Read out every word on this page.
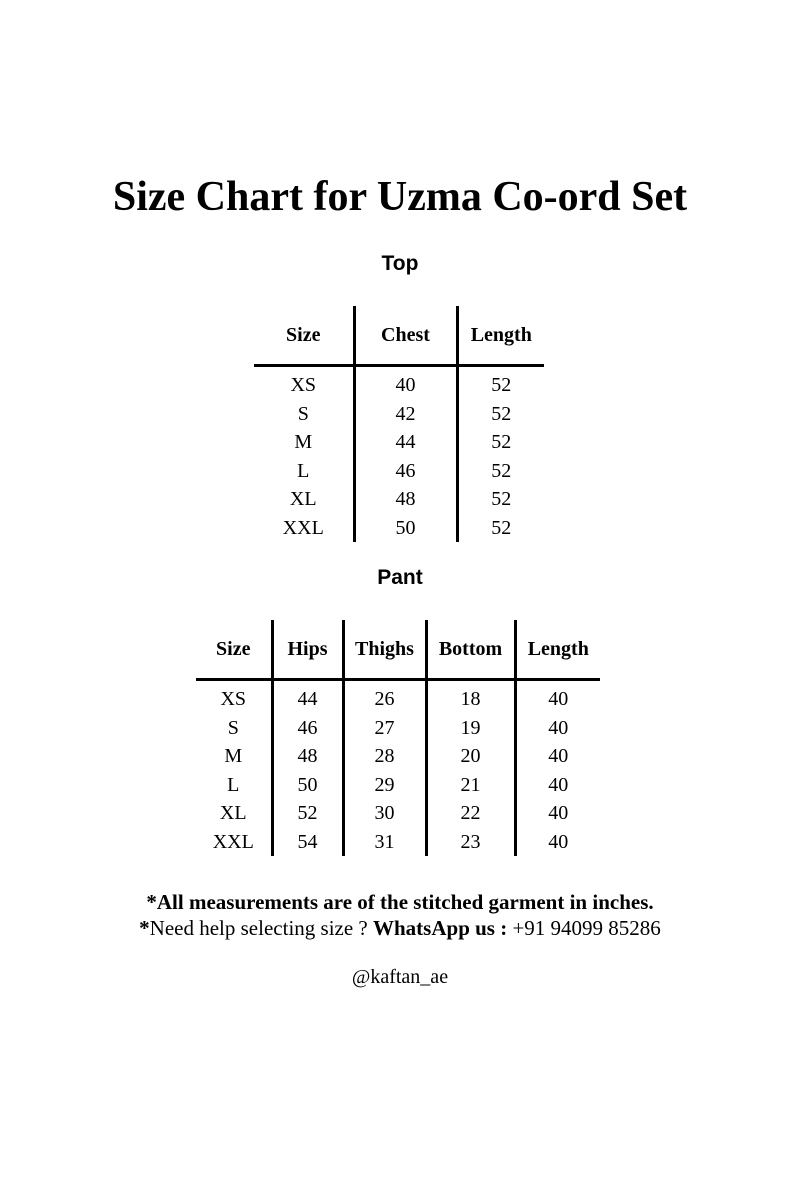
Size Chart for Uzma Co-ord Set
Top
Size	Chest	Length
XS	40	52
S	42	52
M	44	52
L	46	52
XL	48	52
XXL	50	52
Pant
Size	Hips	Thighs	Bottom	Length
XS	44	26	18	40
S	46	27	19	40
M	48	28	20	40
L	50	29	21	40
XL	52	30	22	40
XXL	54	31	23	40

*All measurements are of the stitched garment in inches.

*Need help selecting size ? WhatsApp us : +91 94099 85286

@kaftan_ae
